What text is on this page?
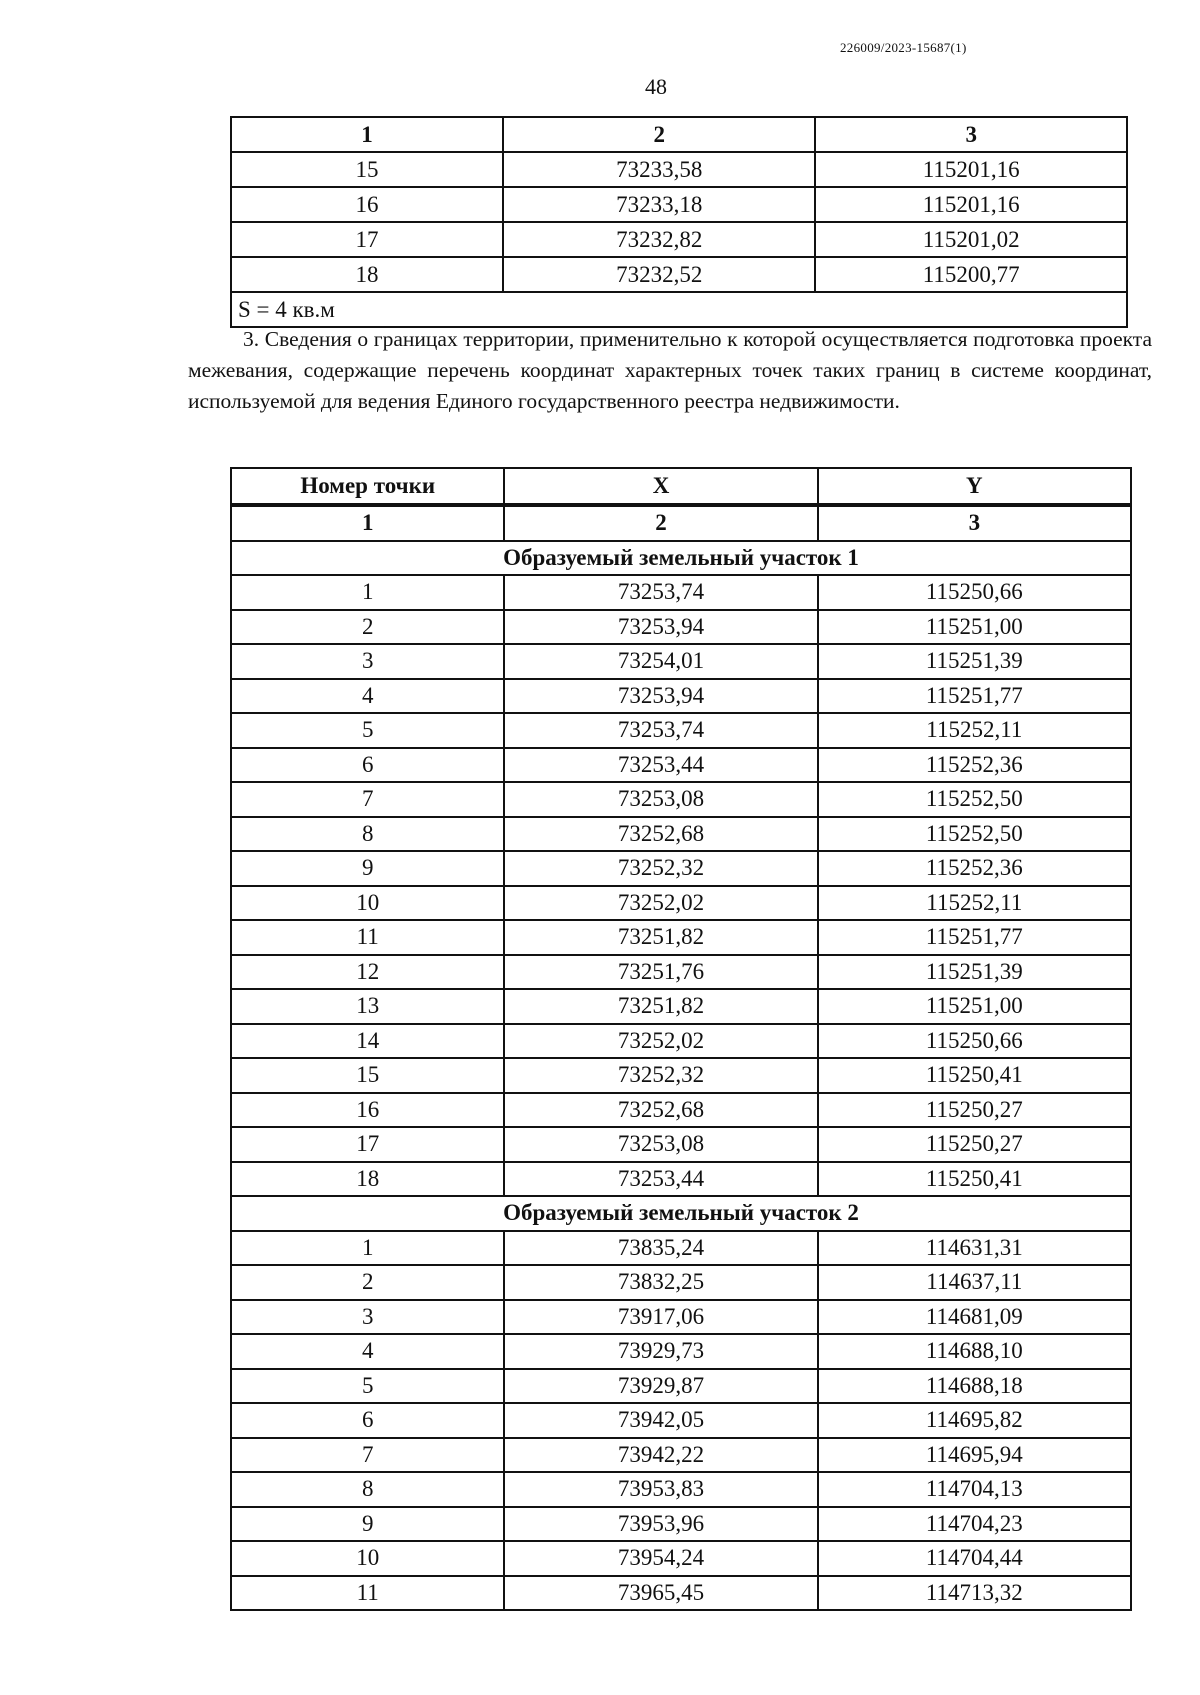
226009/2023-15687(1)
48
1	2	3
15	73233,58	115201,16
16	73233,18	115201,16
17	73232,82	115201,02
18	73232,52	115200,77
S = 4 кв.м		
3. Сведения о границах территории, применительно к которой осуществляется подготовка проекта межевания, содержащие перечень координат характерных точек таких границ в системе координат, используемой для ведения Единого государственного реестра недвижимости.
Номер точки	X	Y
1	2	3
Образуемый земельный участок 1		
1	73253,74	115250,66
2	73253,94	115251,00
3	73254,01	115251,39
4	73253,94	115251,77
5	73253,74	115252,11
6	73253,44	115252,36
7	73253,08	115252,50
8	73252,68	115252,50
9	73252,32	115252,36
10	73252,02	115252,11
11	73251,82	115251,77
12	73251,76	115251,39
13	73251,82	115251,00
14	73252,02	115250,66
15	73252,32	115250,41
16	73252,68	115250,27
17	73253,08	115250,27
18	73253,44	115250,41
Образуемый земельный участок 2		
1	73835,24	114631,31
2	73832,25	114637,11
3	73917,06	114681,09
4	73929,73	114688,10
5	73929,87	114688,18
6	73942,05	114695,82
7	73942,22	114695,94
8	73953,83	114704,13
9	73953,96	114704,23
10	73954,24	114704,44
11	73965,45	114713,32
